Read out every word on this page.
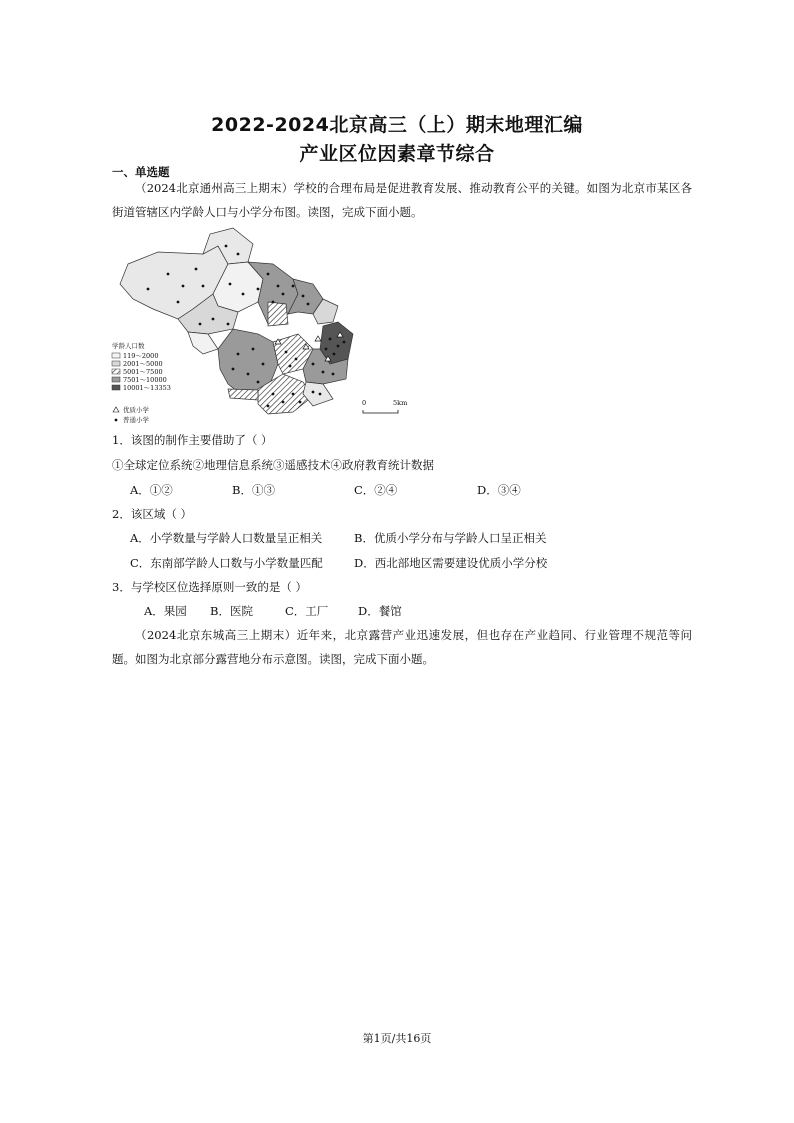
2022-2024北京高三（上）期末地理汇编
产业区位因素章节综合
一、单选题
（2024北京通州高三上期末）学校的合理布局是促进教育发展、推动教育公平的关键。如图为北京市某区各街道管辖区内学龄人口与小学分布图。读图，完成下面小题。
学龄人口数
119～2000
2001～5000
5001～7500
7501～10000
10001～13353
优质小学
普通小学
0	5km
1．该图的制作主要借助了（ ）
①全球定位系统②地理信息系统③遥感技术④政府教育统计数据
A．①②	B．①③	C．②④	D．③④
2．该区域（ ）
A．小学数量与学龄人口数量呈正相关	B．优质小学分布与学龄人口呈正相关
C．东南部学龄人口数与小学数量匹配	D．西北部地区需要建设优质小学分校
3．与学校区位选择原则一致的是（ ）
A．果园 B．医院	C．工厂	D．餐馆
（2024北京东城高三上期末）近年来，北京露营产业迅速发展，但也存在产业趋同、行业管理不规范等问题。如图为北京部分露营地分布示意图。读图，完成下面小题。
第1页/共16页
